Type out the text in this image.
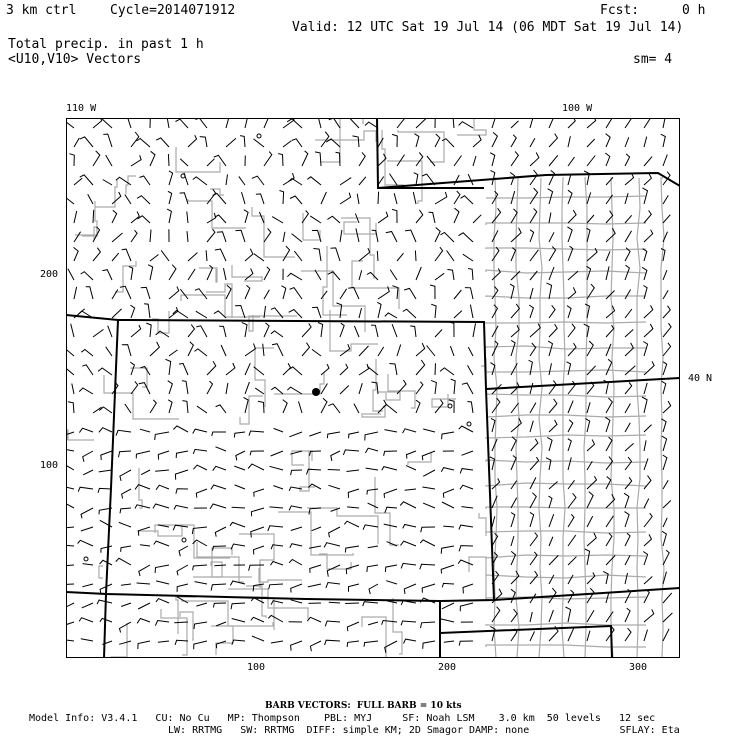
3 km ctrl	Cycle=2014071912	Fcst:	0 h
Valid: 12 UTC Sat 19 Jul 14 (06 MDT Sat 19 Jul 14)
Total precip. in past 1 h
<U10,V10> Vectors	sm= 4
110 W	100 W
40 N
200
100
100	200	300
BARB VECTORS:  FULL BARB = 10 kts
Model Info: V3.4.1   CU: No Cu   MP: Thompson    PBL: MYJ     SF: Noah LSM    3.0 km  50 levels   12 sec
LW: RRTMG   SW: RRTMG  DIFF: simple KM; 2D Smagor DAMP: none               SFLAY: Eta
